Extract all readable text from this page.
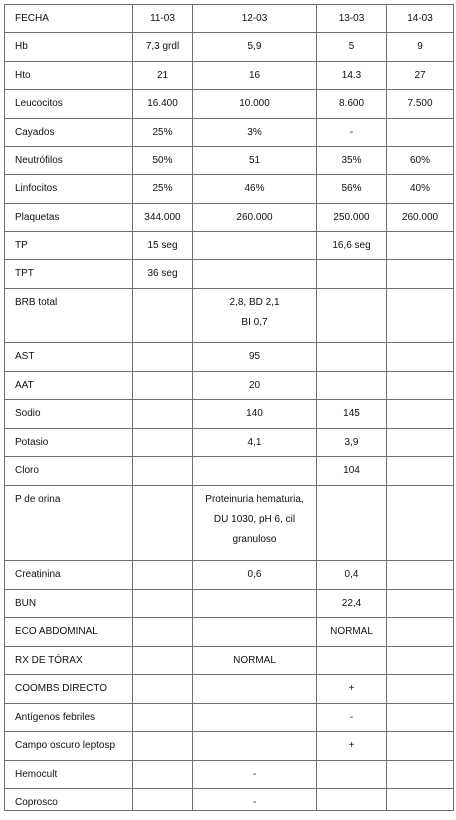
FECHA	11-03	12-03	13-03	14-03

Hb	7,3 grdl	5,9	5	9

Hto	21	16	14.3	27

Leucocitos	16.400	10.000	8.600	7.500

Cayados	25%	3%	-	

Neutrófilos	50%	51	35%	60%

Linfocitos	25%	46%	56%	40%

Plaquetas	344.000	260.000	250.000	260.000

TP	15 seg		16,6 seg	

TPT	36 seg			

BRB total		2,8, BD 2,1
BI 0,7		

AST		95		

AAT		20		

Sodio		140	145	

Potasio		4,1	3,9	

Cloro			104	

P de orina		Proteinuria hematuria,
DU 1030, pH 6, cil
granuloso		

Creatinina		0,6	0,4	

BUN			22,4	

ECO ABDOMINAL			NORMAL	

RX DE TÓRAX		NORMAL		

COOMBS DIRECTO			+	

Antígenos febriles			-	

Campo oscuro leptosp			+	

Hemocult		-		

Coprosco		-		
